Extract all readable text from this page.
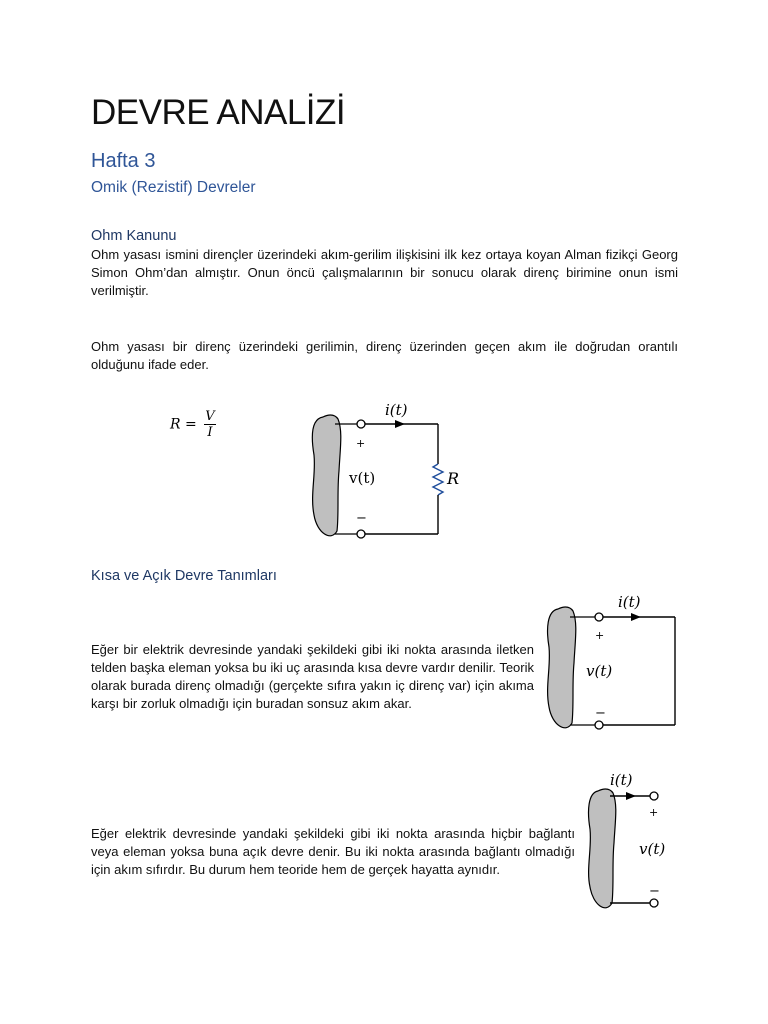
DEVRE ANALİZİ
Hafta 3
Omik (Rezistif) Devreler
Ohm Kanunu
Ohm yasası ismini dirençler üzerindeki akım-gerilim ilişkisini ilk kez ortaya koyan Alman fizikçi Georg Simon Ohm’dan almıştır. Onun öncü çalışmalarının bir sonucu olarak direnç birimine onun ismi verilmiştir.
Ohm yasası bir direnç üzerindeki gerilimin, direnç üzerinden geçen akım ile doğrudan orantılı olduğunu ifade eder.
$R = \frac{V}{I}$	i(t)
+
−
v(t)	R
Kısa ve Açık Devre Tanımları
Eğer bir elektrik devresinde yandaki şekildeki gibi iki nokta arasında iletken telden başka eleman yoksa bu iki uç arasında kısa devre vardır denilir. Teorik olarak burada direnç olmadığı (gerçekte sıfıra yakın iç direnç var) için akıma karşı bir zorluk olmadığı için buradan sonsuz akım akar.
i(t)
+
−
v(t)
Eğer elektrik devresinde yandaki şekildeki gibi iki nokta arasında hiçbir bağlantı veya eleman yoksa buna açık devre denir. Bu iki nokta arasında bağlantı olmadığı için akım sıfırdır. Bu durum hem teoride hem de gerçek hayatta aynıdır.
i(t)
+
−
v(t)
